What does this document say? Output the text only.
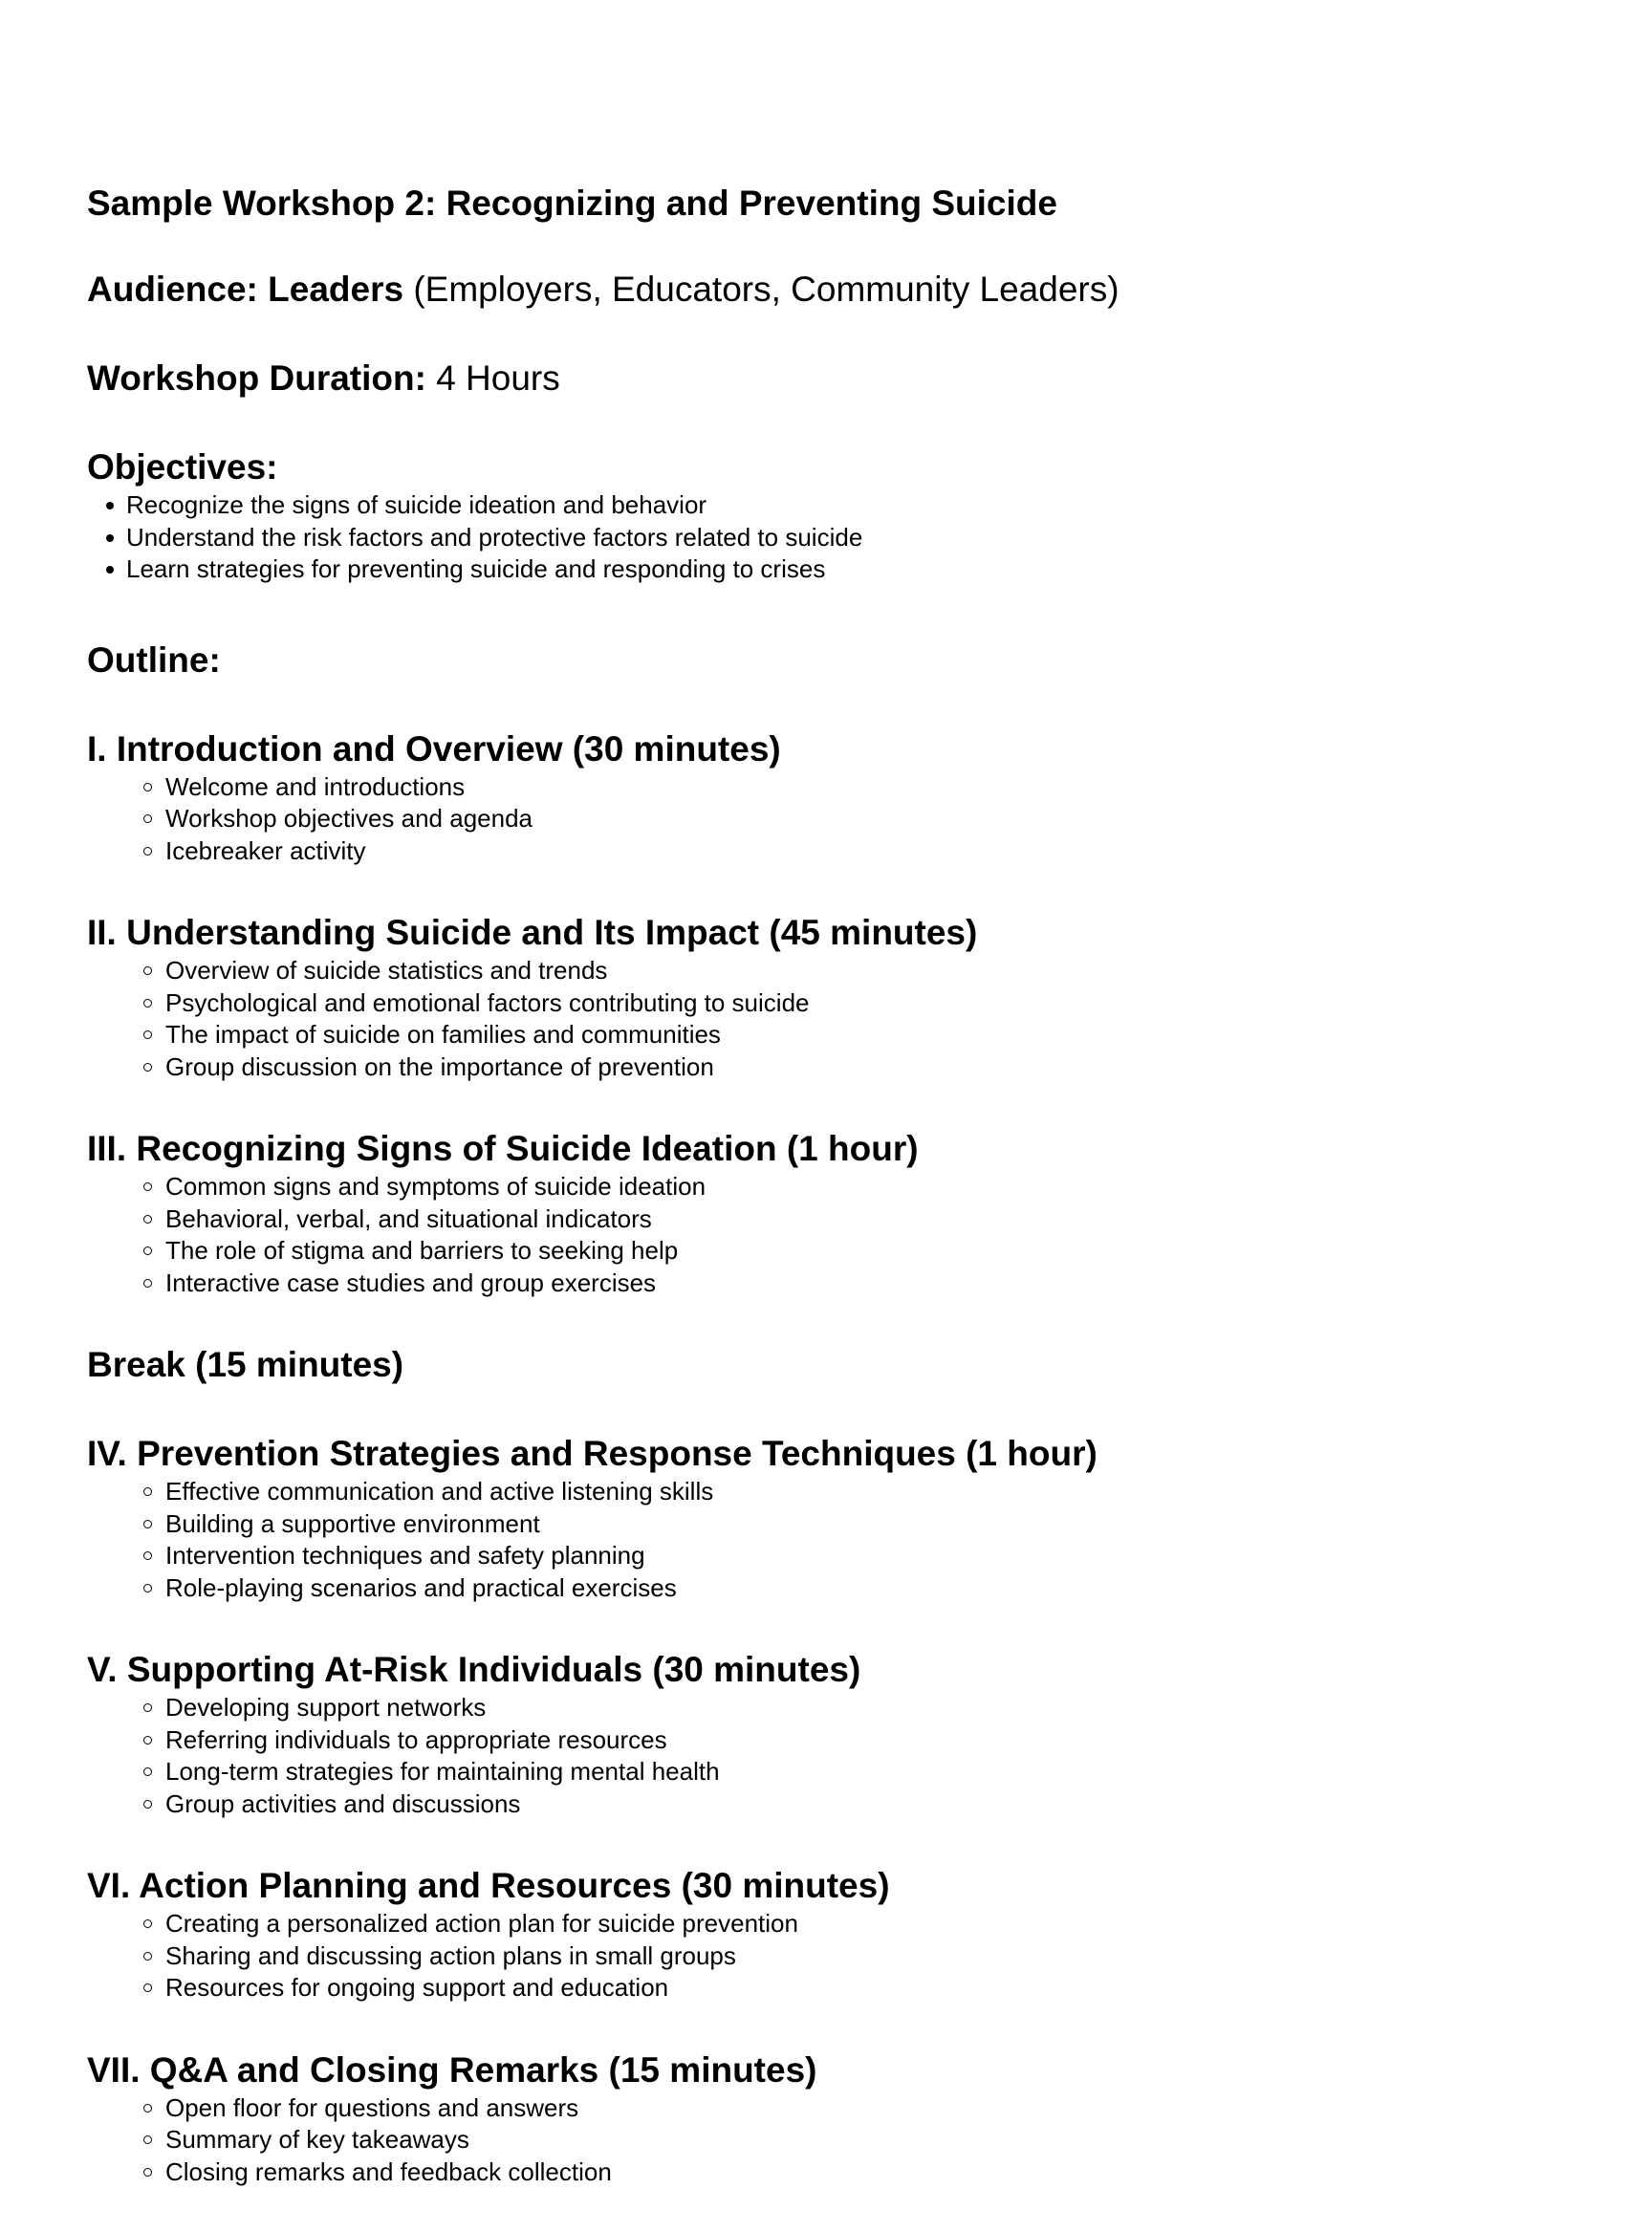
Sample Workshop 2: Recognizing and Preventing Suicide
Audience: Leaders (Employers, Educators, Community Leaders)
Workshop Duration: 4 Hours
Objectives:
Recognize the signs of suicide ideation and behavior
Understand the risk factors and protective factors related to suicide
Learn strategies for preventing suicide and responding to crises
Outline:
I. Introduction and Overview (30 minutes)
Welcome and introductions
Workshop objectives and agenda
Icebreaker activity
II. Understanding Suicide and Its Impact (45 minutes)
Overview of suicide statistics and trends
Psychological and emotional factors contributing to suicide
The impact of suicide on families and communities
Group discussion on the importance of prevention
III. Recognizing Signs of Suicide Ideation (1 hour)
Common signs and symptoms of suicide ideation
Behavioral, verbal, and situational indicators
The role of stigma and barriers to seeking help
Interactive case studies and group exercises
Break (15 minutes)
IV. Prevention Strategies and Response Techniques (1 hour)
Effective communication and active listening skills
Building a supportive environment
Intervention techniques and safety planning
Role-playing scenarios and practical exercises
V. Supporting At-Risk Individuals (30 minutes)
Developing support networks
Referring individuals to appropriate resources
Long-term strategies for maintaining mental health
Group activities and discussions
VI. Action Planning and Resources (30 minutes)
Creating a personalized action plan for suicide prevention
Sharing and discussing action plans in small groups
Resources for ongoing support and education
VII. Q&A and Closing Remarks (15 minutes)
Open floor for questions and answers
Summary of key takeaways
Closing remarks and feedback collection
